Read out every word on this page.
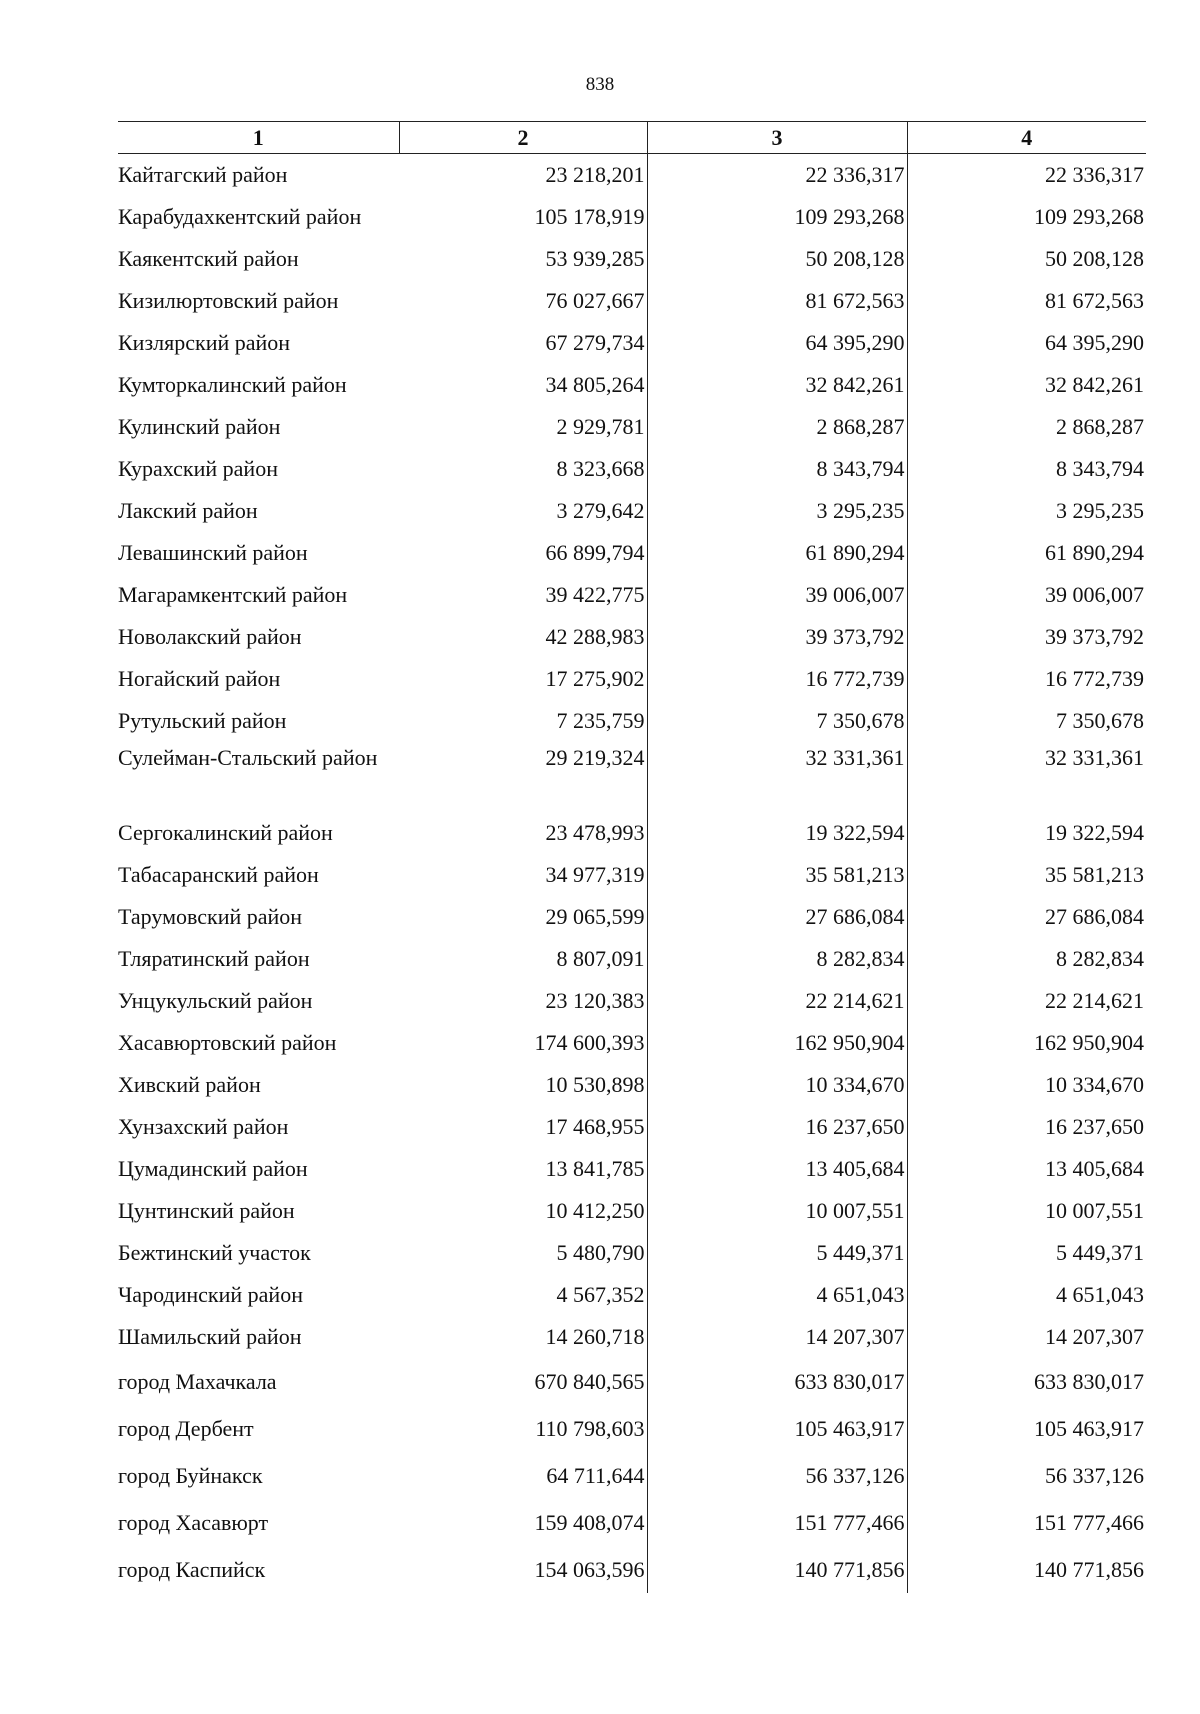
838
1	2	3	4
Кайтагский район	23 218,201	22 336,317	22 336,317
Карабудахкентский район	105 178,919	109 293,268	109 293,268
Каякентский район	53 939,285	50 208,128	50 208,128
Кизилюртовский район	76 027,667	81 672,563	81 672,563
Кизлярский район	67 279,734	64 395,290	64 395,290
Кумторкалинский район	34 805,264	32 842,261	32 842,261
Кулинский район	2 929,781	2 868,287	2 868,287
Курахский район	8 323,668	8 343,794	8 343,794
Лакский район	3 279,642	3 295,235	3 295,235
Левашинский район	66 899,794	61 890,294	61 890,294
Магарамкентский район	39 422,775	39 006,007	39 006,007
Новолакский район	42 288,983	39 373,792	39 373,792
Ногайский район	17 275,902	16 772,739	16 772,739
Рутульский район	7 235,759	7 350,678	7 350,678
Сулейман-Стальский район	29 219,324	32 331,361	32 331,361
Сергокалинский район	23 478,993	19 322,594	19 322,594
Табасаранский район	34 977,319	35 581,213	35 581,213
Тарумовский район	29 065,599	27 686,084	27 686,084
Тляратинский район	8 807,091	8 282,834	8 282,834
Унцукульский район	23 120,383	22 214,621	22 214,621
Хасавюртовский район	174 600,393	162 950,904	162 950,904
Хивский район	10 530,898	10 334,670	10 334,670
Хунзахский район	17 468,955	16 237,650	16 237,650
Цумадинский район	13 841,785	13 405,684	13 405,684
Цунтинский район	10 412,250	10 007,551	10 007,551
Бежтинский участок	5 480,790	5 449,371	5 449,371
Чародинский район	4 567,352	4 651,043	4 651,043
Шамильский район	14 260,718	14 207,307	14 207,307
город Махачкала	670 840,565	633 830,017	633 830,017
город Дербент	110 798,603	105 463,917	105 463,917
город Буйнакск	64 711,644	56 337,126	56 337,126
город Хасавюрт	159 408,074	151 777,466	151 777,466
город Каспийск	154 063,596	140 771,856	140 771,856
